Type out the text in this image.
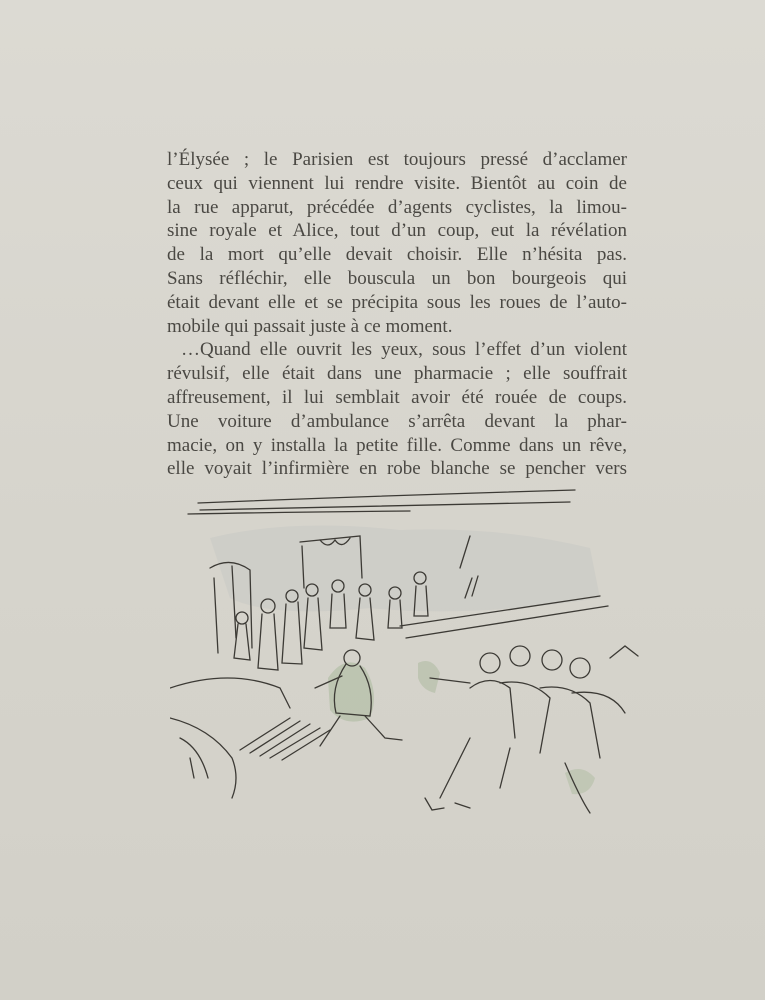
l’Élysée ; le Parisien est toujours pressé d’acclamer
ceux qui viennent lui rendre visite. Bientôt au coin de
la rue apparut, précédée d’agents cyclistes, la limou-
sine royale et Alice, tout d’un coup, eut la révélation
de la mort qu’elle devait choisir. Elle n’hésita pas.
Sans réfléchir, elle bouscula un bon bourgeois qui
était devant elle et se précipita sous les roues de l’auto-
mobile qui passait juste à ce moment.
…Quand elle ouvrit les yeux, sous l’effet d’un violent
révulsif, elle était dans une pharmacie ; elle souffrait
affreusement, il lui semblait avoir été rouée de coups.
Une voiture d’ambulance s’arrêta devant la phar-
macie, on y installa la petite fille. Comme dans un rêve,
elle voyait l’infirmière en robe blanche se pencher vers
